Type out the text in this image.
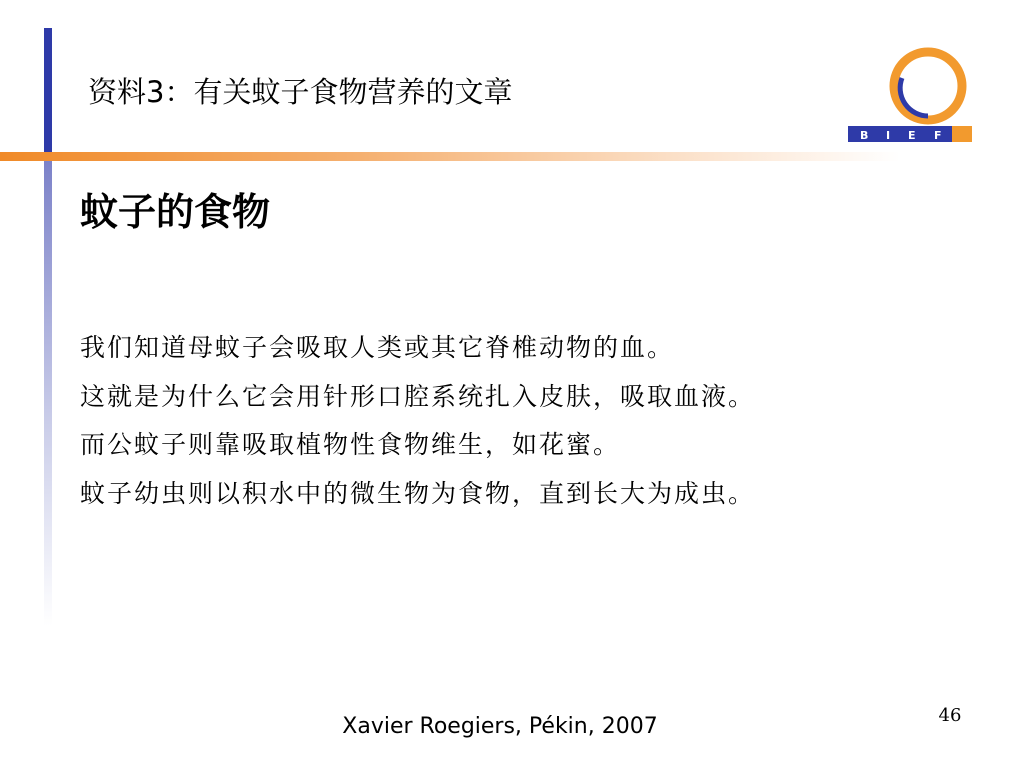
资料3：有关蚊子食物营养的文章
B I E F
蚊子的食物
我们知道母蚊子会吸取人类或其它脊椎动物的血。
这就是为什么它会用针形口腔系统扎入皮肤，吸取血液。
而公蚊子则靠吸取植物性食物维生，如花蜜。
蚊子幼虫则以积水中的微生物为食物，直到长大为成虫。
Xavier Roegiers, Pékin, 2007	46
